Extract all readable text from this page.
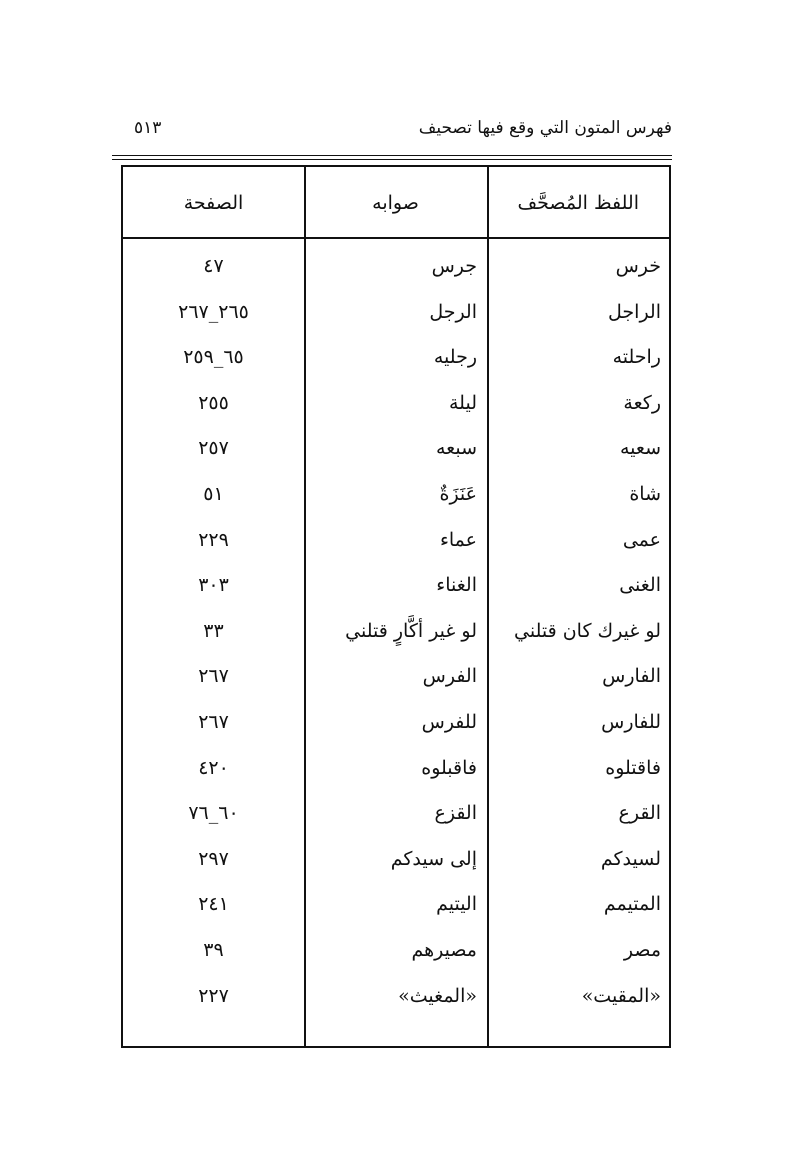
فهرس المتون التي وقع فيها تصحيف
٥١٣
اللفظ المُصحَّف
صوابه
الصفحة
خرس
جرس
٤٧
الراجل
الرجل
٢٦٥_٢٦٧
راحلته
رجليه
٦٥_٢٥٩
ركعة
ليلة
٢٥٥
سعيه
سبعه
٢٥٧
شاة
عَنَزَةٌ
٥١
عمى
عماء
٢٢٩
الغنى
الغناء
٣٠٣
لو غيرك كان قتلني
لو غير أكَّارٍ قتلني
٣٣
الفارس
الفرس
٢٦٧
للفارس
للفرس
٢٦٧
فاقتلوه
فاقبلوه
٤٢٠
القرع
القزع
٦٠_٧٦
لسيدكم
إلى سيدكم
٢٩٧
المتيمم
اليتيم
٢٤١
مصر
مصيرهم
٣٩
«المقيت»
«المغيث»
٢٢٧
